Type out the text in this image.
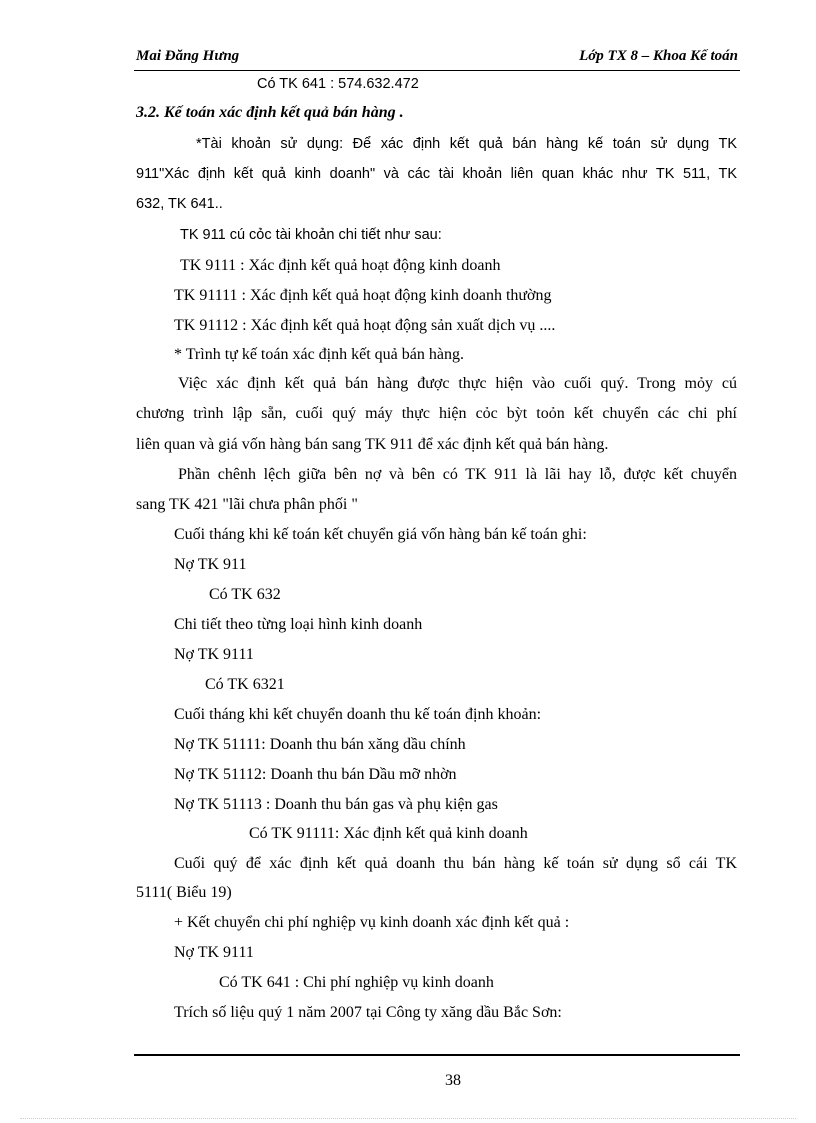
Mai Đăng Hưng	Lớp TX 8 – Khoa Kế toán
Có TK 641 : 574.632.472
3.2. Kế toán xác định kết quả bán hàng .
*Tài khoản sử dụng: Để xác định kết quả bán hàng kế toán sử dụng TK
911"Xác định kết quả kinh doanh" và các tài khoản liên quan khác như TK 511, TK
632, TK 641..
TK 911 cú cỏc tài khoản chi tiết như sau:
TK 9111 : Xác định kết quả hoạt động kinh doanh
TK 91111 : Xác định kết quả hoạt động kinh doanh thường
TK 91112 : Xác định kết quả hoạt động sản xuất dịch vụ ....
* Trình tự kế toán xác định kết quả bán hàng.
Việc xác định kết quả bán hàng được thực hiện vào cuối quý. Trong mỏy cú
chương trình lập sẵn, cuối quý máy thực hiện cỏc bỳt toỏn kết chuyển các chi phí
liên quan và giá vốn hàng bán sang TK 911 để xác định kết quả bán hàng.
Phần chênh lệch giữa bên nợ và bên có TK 911 là lãi hay lỗ, được kết chuyển
sang TK 421 "lãi chưa phân phối "
Cuối tháng khi kế toán kết chuyển giá vốn hàng bán kế toán ghi:
Nợ TK 911
Có TK 632
Chi tiết theo từng loại hình kinh doanh
Nợ TK 9111
Có TK 6321
Cuối tháng khi kết chuyển doanh thu kế toán định khoản:
Nợ TK 51111: Doanh thu bán xăng dầu chính
Nợ TK 51112: Doanh thu bán Dầu mỡ nhờn
Nợ TK 51113 : Doanh thu bán gas và phụ kiện gas
Có TK 91111: Xác định kết quả kinh doanh
Cuối quý để xác định kết quả doanh thu bán hàng kế toán sử dụng sổ cái TK
5111( Biểu 19)
+ Kết chuyển chi phí nghiệp vụ kinh doanh xác định kết quả :
Nợ TK 9111
Có TK 641 : Chi phí nghiệp vụ kinh doanh
Trích số liệu quý 1 năm 2007 tại Công ty xăng dầu Bắc Sơn:
38
